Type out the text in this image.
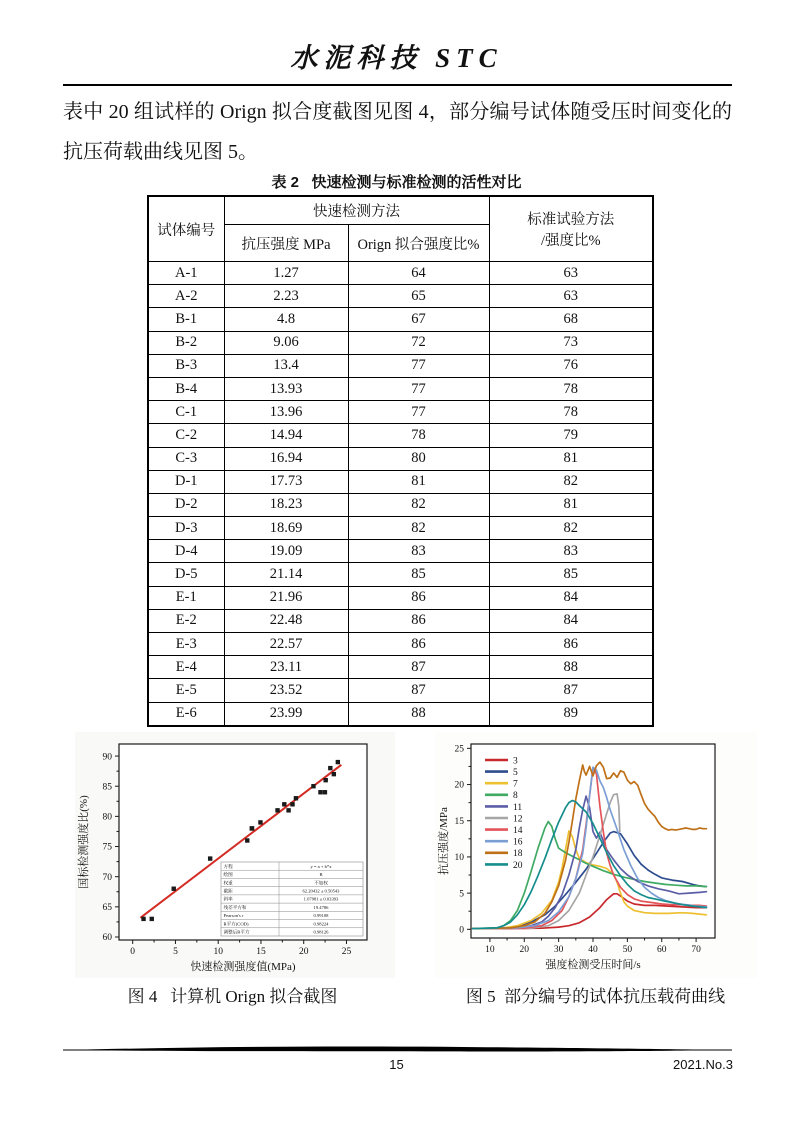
水泥科技 STC
表中 20 组试样的 Orign 拟合度截图见图 4，部分编号试体随受压时间变化的抗压荷载曲线见图 5。
表 2   快速检测与标准检测的活性对比
试体编号	快速检测方法		标准试验方法
/强度比%

	抗压强度 MPa	Orign 拟合强度比%	
A-1	1.27	64	63
A-2	2.23	65	63
B-1	4.8	67	68
B-2	9.06	72	73
B-3	13.4	77	76
B-4	13.93	77	78
C-1	13.96	77	78
C-2	14.94	78	79
C-3	16.94	80	81
D-1	17.73	81	82
D-2	18.23	82	81
D-3	18.69	82	82
D-4	19.09	83	83
D-5	21.14	85	85
E-1	21.96	86	84
E-2	22.48	86	84
E-3	22.57	86	86
E-4	23.11	87	88
E-5	23.52	87	87
E-6	23.99	88	89
0	5	10	15	20	25
60
65
70
75
80
85
90
快速检测强度值(MPa)
国标检测强度比(%)	方程	y = a + b*x
绘图	B
权重	不加权
截距	62.20432 ± 0.50543
斜率	1.07981 ± 0.03393
残差平方和	19.4786
Pearson's r	0.99108
R平方(COD)	0.98224
调整后R平方	0.98126
10	20	30	40	50	60	70
0
5
10
15
20
25
强度检测受压时间/s
抗压强度/MPa
3
5
7
8
11
12
14
16
18
20
图 4   计算机 Orign 拟合截图	图 5  部分编号的试体抗压载荷曲线
15	2021.No.3
